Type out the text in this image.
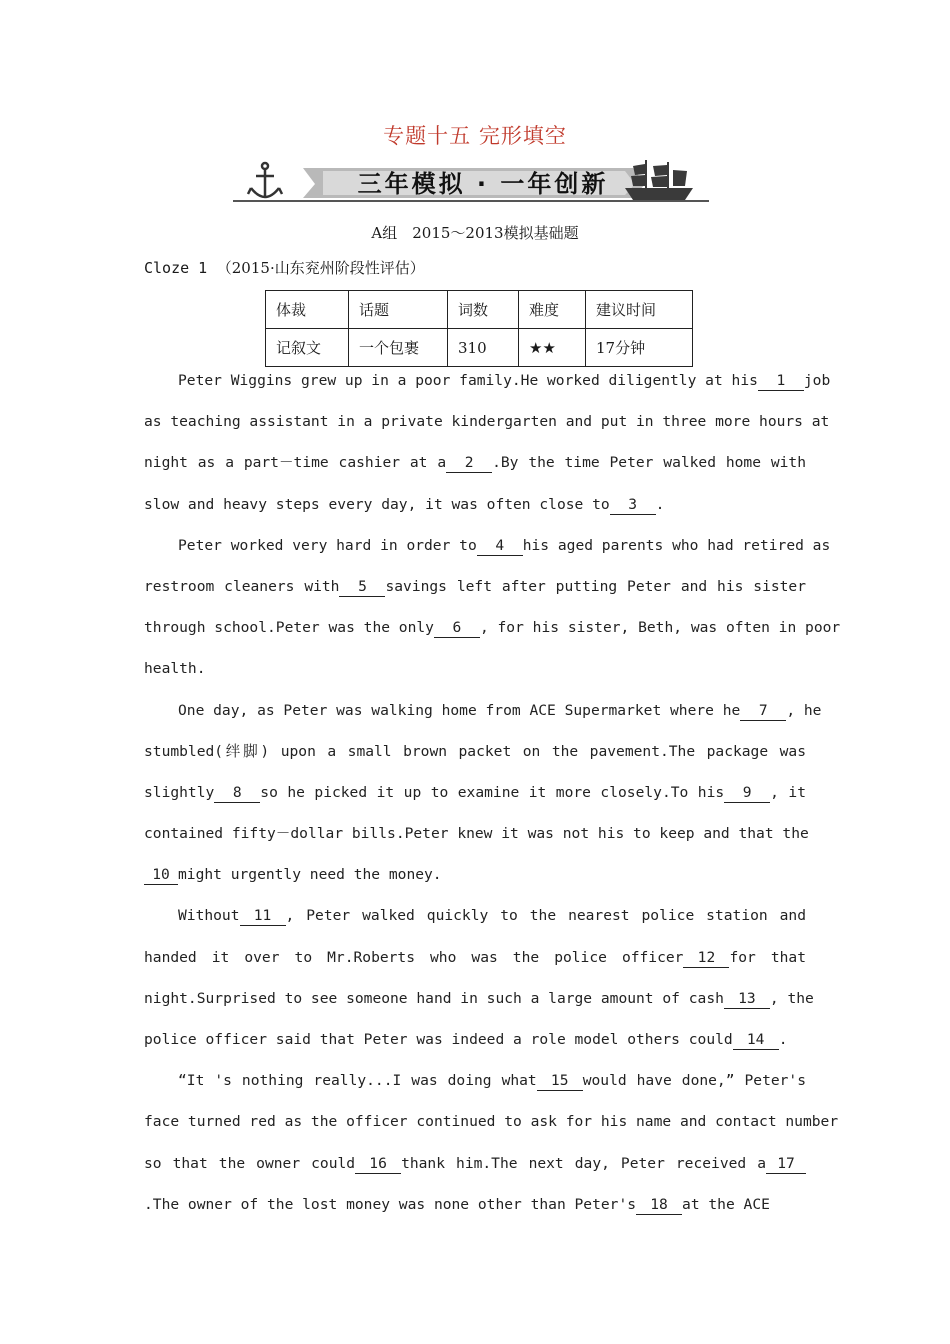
专题十五 完形填空
三年模拟 · 一年创新
A组　2015～2013模拟基础题
Cloze 1 （2015·山东兖州阶段性评估）
体裁	话题	词数	难度	建议时间
记叙文	一个包裹	310	★★	17分钟
Peter Wiggins grew up in a poor family.He worked diligently at his 1 job
as teaching assistant in a private kindergarten and put in three more hours at
night as a part－time cashier at a 2 .By the time Peter walked home with
slow and heavy steps every day, it was often close to 3 .
Peter worked very hard in order to 4 his aged parents who had retired as
restroom cleaners with 5 savings left after putting Peter and his sister
through school.Peter was the only 6 , for his sister, Beth, was often in poor
health.
One day, as Peter was walking home from ACE Supermarket where he 7 , he
stumbled(绊脚) upon a small brown packet on the pavement.The package was
slightly 8 so he picked it up to examine it more closely.To his 9 , it
contained fifty－dollar bills.Peter knew it was not his to keep and that the
10 might urgently need the money.
Without 11 , Peter walked quickly to the nearest police station and
handed it over to Mr.Roberts who was the police officer 12 for that
night.Surprised to see someone hand in such a large amount of cash 13 , the
police officer said that Peter was indeed a role model others could 14 .
“It 's nothing really...I was doing what 15 would have done,” Peter's
face turned red as the officer continued to ask for his name and contact number
so that the owner could 16 thank him.The next day, Peter received a 17
.The owner of the lost money was none other than Peter's 18 at the ACE
